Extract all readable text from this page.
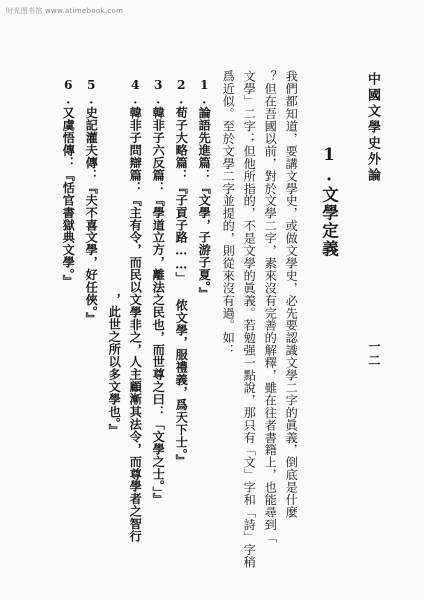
时光图书馆 www.atimebook.com
中國文學史外論
一二
1.文學定義
我們都知道，要講文學史，或做文學史，必先要認識文學二字的眞義，倒底是什麼
？但在吾國以前，對於文學二字，素來沒有完善的解釋，雖在往者書籍上，也能尋到「
文學」二字；但他所指的，不是文學的眞義。若勉强一點說，那只有「文」字和「詩」字稍
爲近似。至於文學二字並提的，則從來沒有過。如：
1.論語先進篇：『文學，子游子夏。』
2.荀子大略篇：『子貢子路……」 侬文學，服禮義，爲天下士。』
3.韓非子六反篇：『學道立方，離法之民也，而世尊之曰：「文學之士。」』
4.韓非子問辯篇：『主有令，而民以文學非之，人主顧漸其法令，而尊學者之智行
，此世之所以多文學也。』
5.史記灌夫傳：『夫不喜文學，好任俠。』
6.又虞悟傳：『恬官書獄典文學。』
